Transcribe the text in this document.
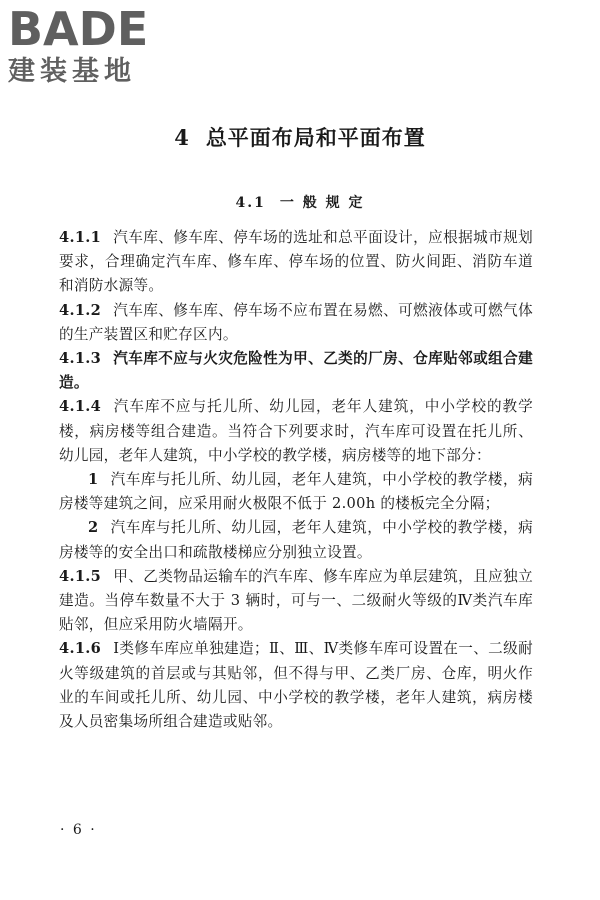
BADE
建装基地
4 总平面布局和平面布置
4.1 一 般 规 定

4.1.1 汽车库、修车库、停车场的选址和总平面设计，应根据城市规划要求，合理确定汽车库、修车库、停车场的位置、防火间距、消防车道和消防水源等。

4.1.2 汽车库、修车库、停车场不应布置在易燃、可燃液体或可燃气体的生产装置区和贮存区内。

4.1.3 汽车库不应与火灾危险性为甲、乙类的厂房、仓库贴邻或组合建造。

4.1.4 汽车库不应与托儿所、幼儿园，老年人建筑，中小学校的教学楼，病房楼等组合建造。当符合下列要求时，汽车库可设置在托儿所、幼儿园，老年人建筑，中小学校的教学楼，病房楼等的地下部分：

1 汽车库与托儿所、幼儿园，老年人建筑，中小学校的教学楼，病房楼等建筑之间，应采用耐火极限不低于 2.00h 的楼板完全分隔；

2 汽车库与托儿所、幼儿园，老年人建筑，中小学校的教学楼，病房楼等的安全出口和疏散楼梯应分别独立设置。

4.1.5 甲、乙类物品运输车的汽车库、修车库应为单层建筑，且应独立建造。当停车数量不大于 3 辆时，可与一、二级耐火等级的Ⅳ类汽车库贴邻，但应采用防火墙隔开。

4.1.6 Ⅰ类修车库应单独建造；Ⅱ、Ⅲ、Ⅳ类修车库可设置在一、二级耐火等级建筑的首层或与其贴邻，但不得与甲、乙类厂房、仓库，明火作业的车间或托儿所、幼儿园、中小学校的教学楼，老年人建筑，病房楼及人员密集场所组合建造或贴邻。

· 6 ·
